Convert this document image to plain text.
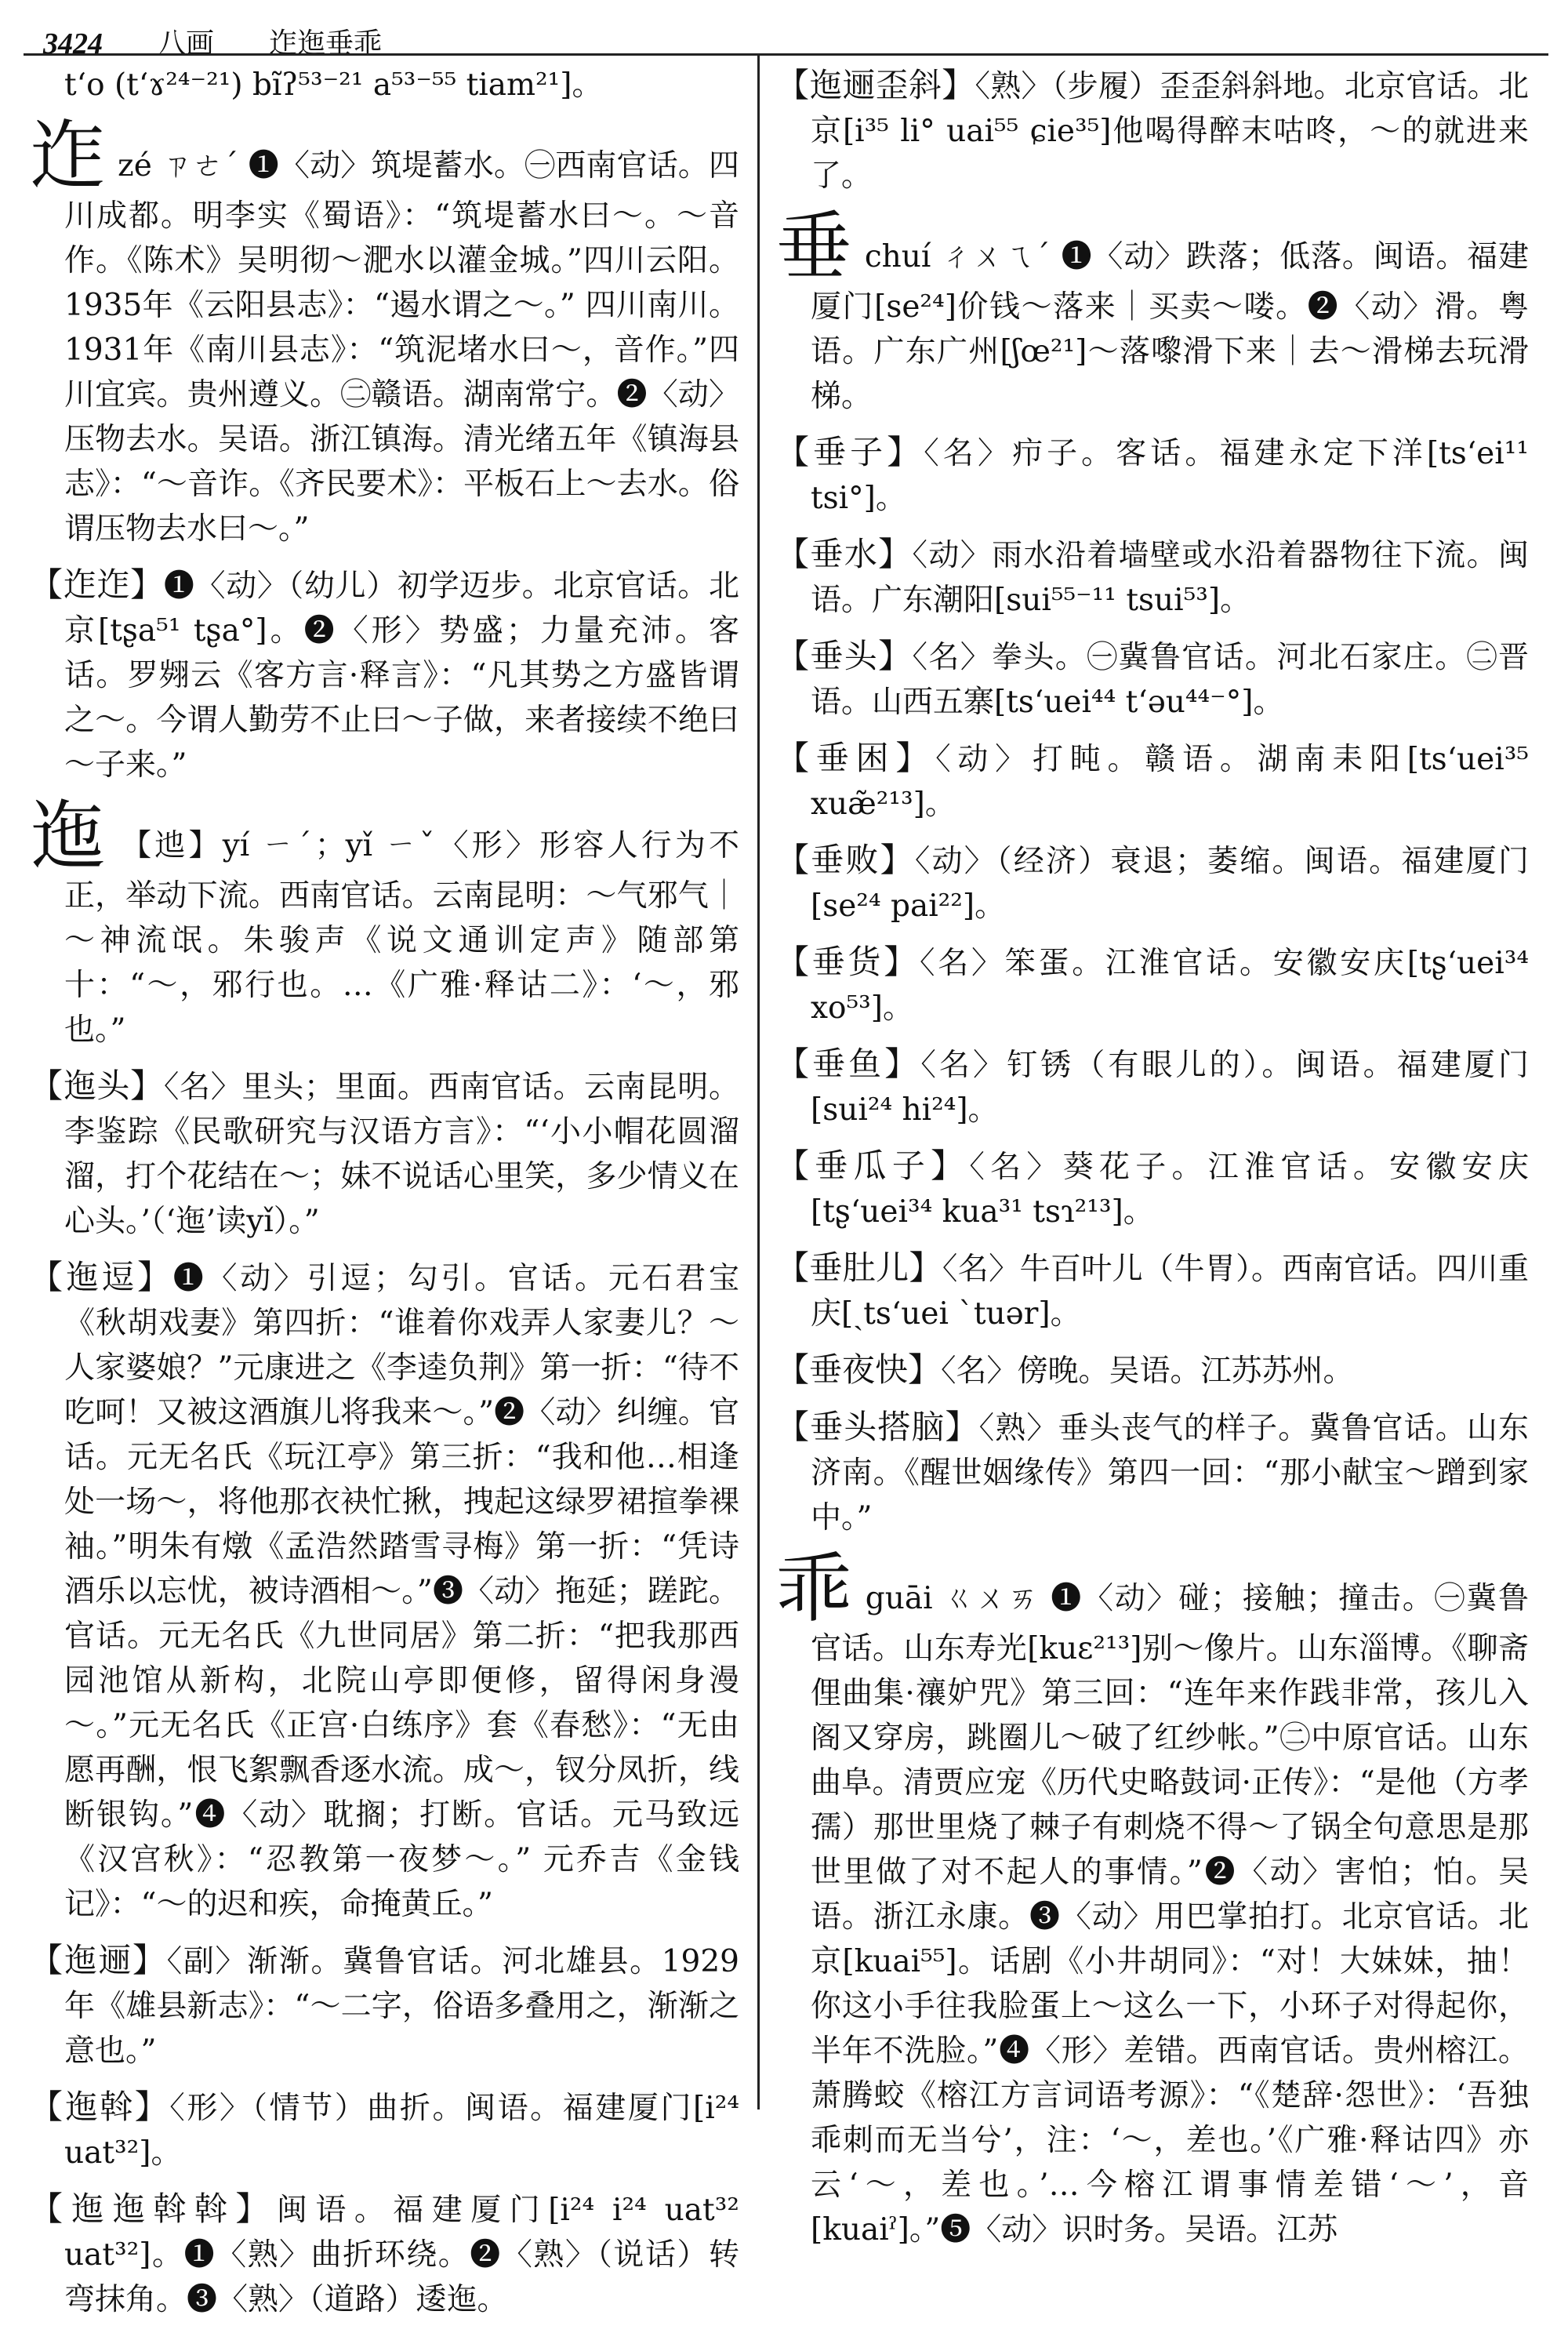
3424 八画 迮迤垂乖
t‘o (t‘ɤ²⁴⁻²¹) bĩʔ⁵³⁻²¹ a⁵³⁻⁵⁵ tiam²¹]。
迮zé ㄗㄜˊ ❶〈动〉筑堤蓄水。㊀西南官话。四川成都。明李实《蜀语》：“筑堤蓄水曰～。～音作。《陈术》吴明彻～淝水以灌金城。”四川云阳。1935年《云阳县志》：“遏水谓之～。” 四川南川。1931年《南川县志》：“筑泥堵水曰～，音作。”四川宜宾。贵州遵义。㊁赣语。湖南常宁。❷〈动〉压物去水。吴语。浙江镇海。清光绪五年《镇海县志》：“～音诈。《齐民要术》：平板石上～去水。俗谓压物去水曰～。”
【迮迮】❶〈动〉（幼儿）初学迈步。北京官话。北京[tʂa⁵¹ tʂa°]。❷〈形〉势盛；力量充沛。客话。罗翙云《客方言·释言》：“凡其势之方盛皆谓之～。今谓人勤劳不止曰～子做，来者接续不绝曰～子来。”
迤 【迆】yí ㄧˊ；yǐ ㄧˇ〈形〉形容人行为不正，举动下流。西南官话。云南昆明：～气邪气｜～神流氓。朱骏声《说文通训定声》随部第十：“～，邪行也。…《广雅·释诂二》：‘～，邪也。”
【迤头】〈名〉里头；里面。西南官话。云南昆明。李鉴踪《民歌研究与汉语方言》：“‘小小帽花圆溜溜，打个花结在～；妹不说话心里笑，多少情义在心头。’（‘迤’读yǐ）。”
【迤逗】❶〈动〉引逗；勾引。官话。元石君宝《秋胡戏妻》第四折：“谁着你戏弄人家妻儿？～人家婆娘？”元康进之《李逵负荆》第一折：“待不吃呵！又被这酒旗儿将我来～。”❷〈动〉纠缠。官话。元无名氏《玩江亭》第三折：“我和他…相逢处一场～，将他那衣袂忙揪，拽起这绿罗裙揎拳裸袖。”明朱有燉《孟浩然踏雪寻梅》第一折：“凭诗酒乐以忘忧，被诗酒相～。”❸〈动〉拖延；蹉跎。官话。元无名氏《九世同居》第二折：“把我那西园池馆从新构，北院山亭即便修，留得闲身漫～。”元无名氏《正宫·白练序》套《春愁》：“无由愿再酬，恨飞絮飘香逐水流。成～，钗分凤折，线断银钩。”❹〈动〉耽搁；打断。官话。元马致远《汉宫秋》：“忍教第一夜梦～。” 元乔吉《金钱记》：“～的迟和疾，命掩黄丘。”
【迤逦】〈副〉渐渐。冀鲁官话。河北雄县。1929年《雄县新志》：“～二字，俗语多叠用之，渐渐之意也。”
【迤斡】〈形〉（情节）曲折。闽语。福建厦门[i²⁴ uat³²]。
【迤迤斡斡】闽语。福建厦门[i²⁴ i²⁴ uat³² uat³²]。❶〈熟〉曲折环绕。❷〈熟〉（说话）转弯抹角。❸〈熟〉（道路）逶迤。
【迤逦歪斜】〈熟〉（步履）歪歪斜斜地。北京官话。北京[i³⁵ li° uai⁵⁵ ɕie³⁵]他喝得醉末咕咚，～的就进来了。
垂chuí ㄔㄨㄟˊ ❶〈动〉跌落；低落。闽语。福建厦门[se²⁴]价钱～落来｜买卖～喽。❷〈动〉滑。粤语。广东广州[ʃœ²¹]～落嚟滑下来｜去～滑梯去玩滑梯。
【垂子】〈名〉疖子。客话。福建永定下洋[ts‘ei¹¹ tsi°]。
【垂水】〈动〉雨水沿着墙壁或水沿着器物往下流。闽语。广东潮阳[sui⁵⁵⁻¹¹ tsui⁵³]。
【垂头】〈名〉拳头。㊀冀鲁官话。河北石家庄。㊁晋语。山西五寨[ts‘uei⁴⁴ t‘əu⁴⁴⁻°]。
【垂困】〈动〉打盹。赣语。湖南耒阳[ts‘uei³⁵ xuæ̃²¹³]。
【垂败】〈动〉（经济）衰退；萎缩。闽语。福建厦门[se²⁴ pai²²]。
【垂货】〈名〉笨蛋。江淮官话。安徽安庆[tʂ‘uei³⁴ xo⁵³]。
【垂鱼】〈名〉钉锈（有眼儿的）。闽语。福建厦门[sui²⁴ hi²⁴]。
【垂瓜子】〈名〉葵花子。江淮官话。安徽安庆[tʂ‘uei³⁴ kua³¹ tsɿ²¹³]。
【垂肚儿】〈名〉牛百叶儿（牛胃）。西南官话。四川重庆[ˏts‘uei ˋtuər]。
【垂夜快】〈名〉傍晚。吴语。江苏苏州。
【垂头搭脑】〈熟〉垂头丧气的样子。冀鲁官话。山东济南。《醒世姻缘传》第四一回：“那小献宝～蹭到家中。”
乖guāi ㄍㄨㄞ ❶〈动〉碰；接触；撞击。㊀冀鲁官话。山东寿光[kuɛ²¹³]别～像片。山东淄博。《聊斋俚曲集·禳妒咒》第三回：“连年来作践非常，孩儿入阁又穿房，跳圈儿～破了红纱帐。”㊁中原官话。山东曲阜。清贾应宠《历代史略鼓词·正传》：“是他（方孝孺）那世里烧了棘子有刺烧不得～了锅全句意思是那世里做了对不起人的事情。”❷〈动〉害怕；怕。吴语。浙江永康。❸〈动〉用巴掌拍打。北京官话。北京[kuai⁵⁵]。话剧《小井胡同》：“对！大妹妹，抽！你这小手往我脸蛋上～这么一下，小环子对得起你，半年不洗脸。”❹〈形〉差错。西南官话。贵州榕江。萧腾蛟《榕江方言词语考源》：“《楚辞·怨世》：‘吾独乖刺而无当兮’，注：‘～，差也。’《广雅·释诂四》亦云‘～，差也。’…今榕江谓事情差错‘～’，音[kuaiˀ]。”❺〈动〉识时务。吴语。江苏
